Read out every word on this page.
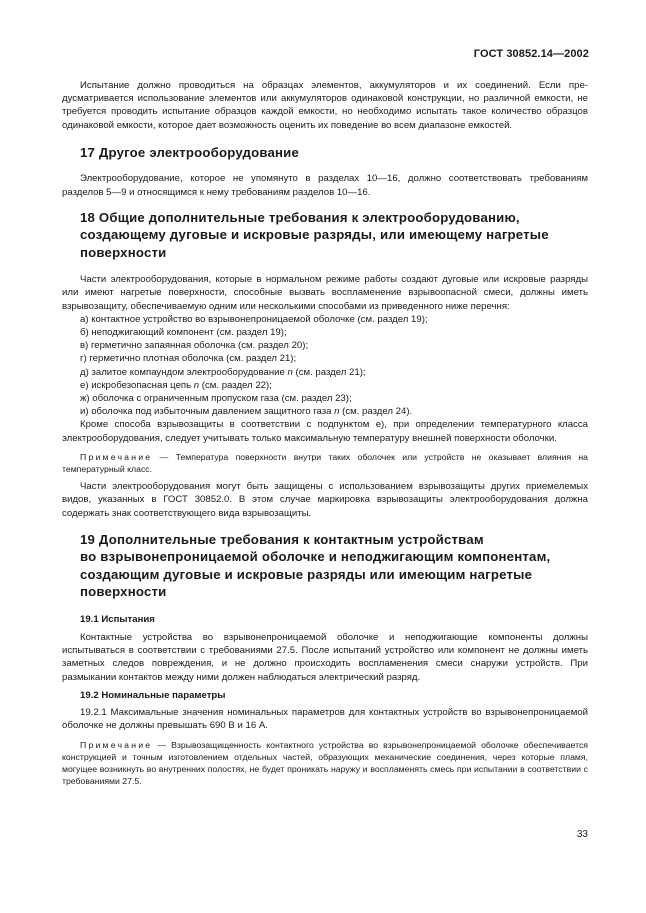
ГОСТ 30852.14—2002

Испытание должно проводиться на образцах элементов, аккумуляторов и их соединений. Если предусматривается использование элементов или аккумуляторов одинаковой конструкции, но различной емкости, не требуется проводить испытание образцов каждой емкости, но необходимо испытать такое количество образцов одинаковой емкости, которое дает возможность оценить их поведение во всем диапазоне емкостей.

17 Другое электрооборудование

Электрооборудование, которое не упомянуто в разделах 10—16, должно соответствовать требованиям разделов 5—9 и относящимся к нему требованиям разделов 10—16.

18 Общие дополнительные требования к электрооборудованию,
создающему дуговые и искровые разряды, или имеющему нагретые
поверхности

Части электрооборудования, которые в нормальном режиме работы создают дуговые или искровые разряды или имеют нагретые поверхности, способные вызвать воспламенение взрывоопасной смеси, должны иметь взрывозащиту, обеспечиваемую одним или несколькими способами из приведенного ниже перечня:

а) контактное устройство во взрывонепроницаемой оболочке (см. раздел 19);

б) неподжигающий компонент (см. раздел 19);

в) герметично запаянная оболочка (см. раздел 20);

г) герметично плотная оболочка (см. раздел 21);

д) залитое компаундом электрооборудование n (см. раздел 21);

е) искробезопасная цепь n (см. раздел 22);

ж) оболочка с ограниченным пропуском газа (см. раздел 23);

и) оболочка под избыточным давлением защитного газа n (см. раздел 24).

Кроме способа взрывозащиты в соответствии с подпунктом е), при определении температурного класса электрооборудования, следует учитывать только максимальную температуру внешней поверхности оболочки.

Примечание — Температура поверхности внутри таких оболочек или устройств не оказывает влияния на температурный класс.

Части электрооборудования могут быть защищены с использованием взрывозащиты других приемелемых видов, указанных в ГОСТ 30852.0. В этом случае маркировка взрывозащиты электрооборудования должна содержать знак соответствующего вида взрывозащиты.

19 Дополнительные требования к контактным устройствам
во взрывонепроницаемой оболочке и неподжигающим компонентам,
создающим дуговые и искровые разряды или имеющим нагретые
поверхности
19.1 Испытания

Контактные устройства во взрывонепроницаемой оболочке и неподжигающие компоненты должны испытываться в соответствии с требованиями 27.5. После испытаний устройство или компонент не должны иметь заметных следов повреждения, и не должно происходить воспламенения смеси снаружи устройств. При размыкании контактов между ними должен наблюдаться электрический разряд.

19.2 Номинальные параметры

19.2.1 Максимальные значения номинальных параметров для контактных устройств во взрывонепроницаемой оболочке не должны превышать 690 В и 16 А.

Примечание — Взрывозащищенность контактного устройства во взрывонепроницаемой оболочке обеспечивается конструкцией и точным изготовлением отдельных частей, образующих механические соединения, через которые пламя, могущее возникнуть во внутренних полостях, не будет проникать наружу и воспламенять смесь при испытании в соответствии с требованиями 27.5.

33
